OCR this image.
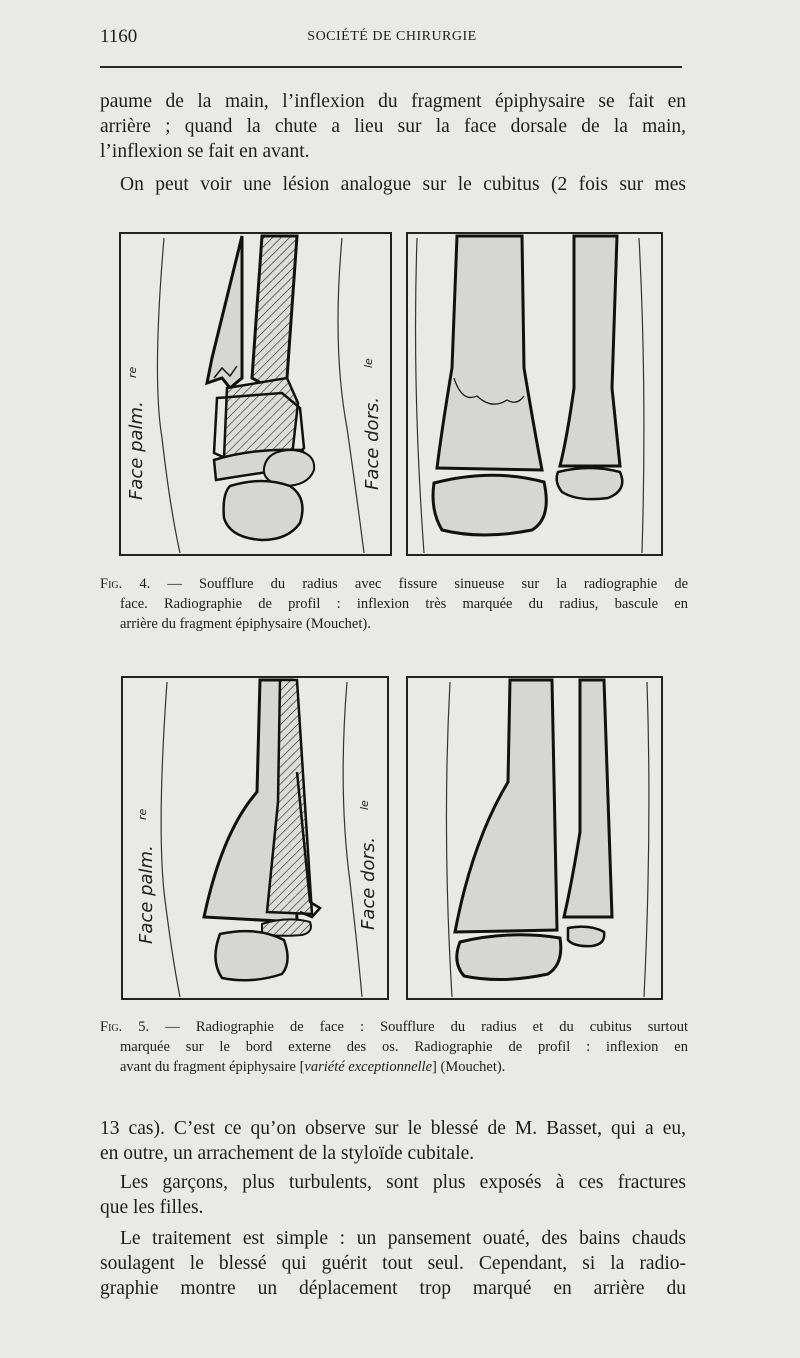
1160	SOCIÉTÉ DE CHIRURGIE

paume de la main, l’inflexion du fragment épiphysaire se fait en
arrière ; quand la chute a lieu sur la face dorsale de la main,
l’inflexion se fait en avant.

On peut voir une lésion analogue sur le cubitus (2 fois sur mes

Face palm.
re
Face dors.
le

Fig. 4. — Soufflure du radius avec fissure sinueuse sur la radiographie de
face. Radiographie de profil : inflexion très marquée du radius, bascule en
arrière du fragment épiphysaire (Mouchet).

Face palm.
re
Face dors.
le

Fig. 5. — Radiographie de face : Soufflure du radius et du cubitus surtout
marquée sur le bord externe des os. Radiographie de profil : inflexion en
avant du fragment épiphysaire [variété exceptionnelle] (Mouchet).

13 cas). C’est ce qu’on observe sur le blessé de M. Basset, qui a eu,
en outre, un arrachement de la styloïde cubitale.

Les garçons, plus turbulents, sont plus exposés à ces fractures
que les filles.

Le traitement est simple : un pansement ouaté, des bains chauds
soulagent le blessé qui guérit tout seul. Cependant, si la radio-
graphie montre un déplacement trop marqué en arrière du
